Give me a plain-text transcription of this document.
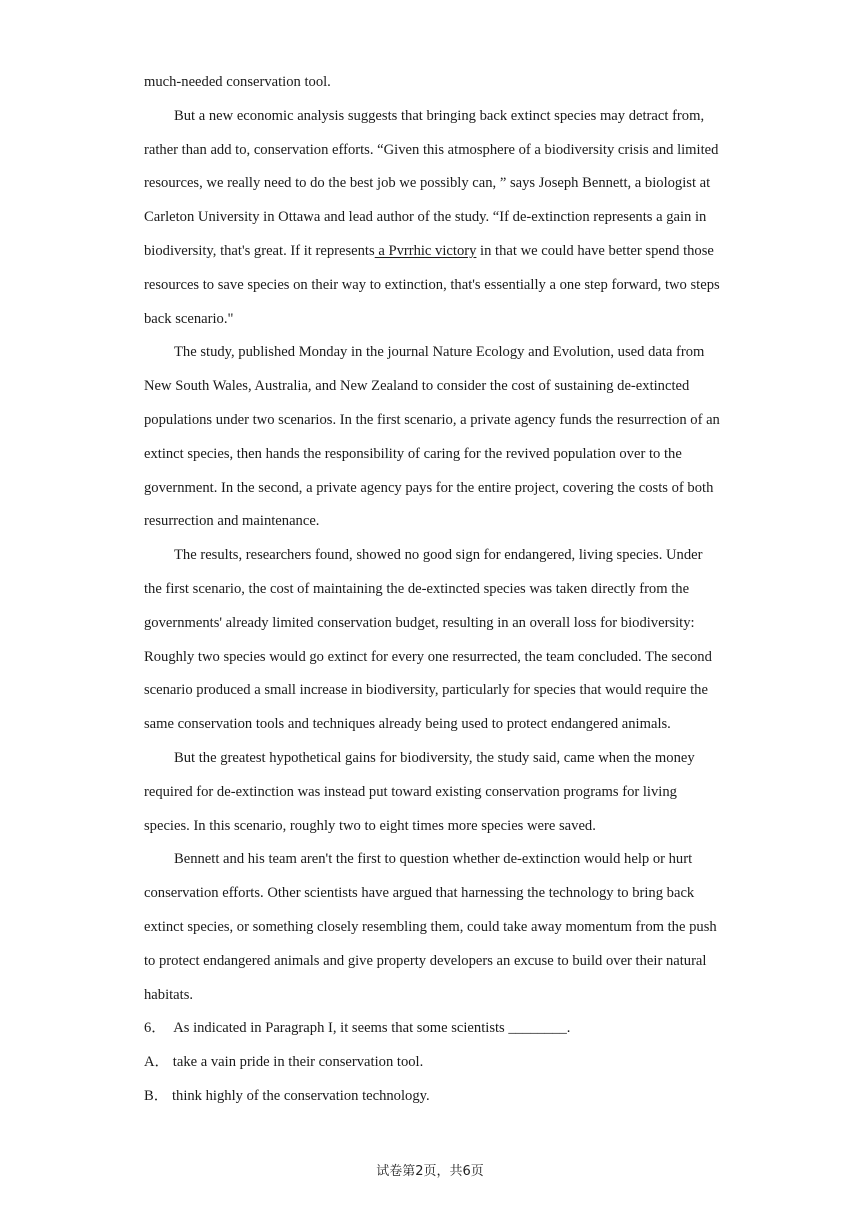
much-needed conservation tool.

But a new economic analysis suggests that bringing back extinct species may detract from, rather than add to, conservation efforts. “Given this atmosphere of a biodiversity crisis and limited resources, we really need to do the best job we possibly can, ” says Joseph Bennett, a biologist at Carleton University in Ottawa and lead author of the study. “If de-extinction represents a gain in biodiversity, that's great. If it represents a Pvrrhic victory in that we could have better spend those resources to save species on their way to extinction, that's essentially a one step forward, two steps back scenario."

The study, published Monday in the journal Nature Ecology and Evolution, used data from New South Wales, Australia, and New Zealand to consider the cost of sustaining de-extincted populations under two scenarios. In the first scenario, a private agency funds the resurrection of an extinct species, then hands the responsibility of caring for the revived population over to the government. In the second, a private agency pays for the entire project, covering the costs of both resurrection and maintenance.

The results, researchers found, showed no good sign for endangered, living species. Under the first scenario, the cost of maintaining the de-extincted species was taken directly from the governments' already limited conservation budget, resulting in an overall loss for biodiversity: Roughly two species would go extinct for every one resurrected, the team concluded. The second scenario produced a small increase in biodiversity, particularly for species that would require the same conservation tools and techniques already being used to protect endangered animals.

But the greatest hypothetical gains for biodiversity, the study said, came when the money required for de-extinction was instead put toward existing conservation programs for living species. In this scenario, roughly two to eight times more species were saved.

Bennett and his team aren't the first to question whether de-extinction would help or hurt conservation efforts. Other scientists have argued that harnessing the technology to bring back extinct species, or something closely resembling them, could take away momentum from the push to protect endangered animals and give property developers an excuse to build over their natural habitats.

6． As indicated in Paragraph I, it seems that some scientists ________.

A． take a vain pride in their conservation tool.

B． think highly of the conservation technology.

试卷第2页，共6页
